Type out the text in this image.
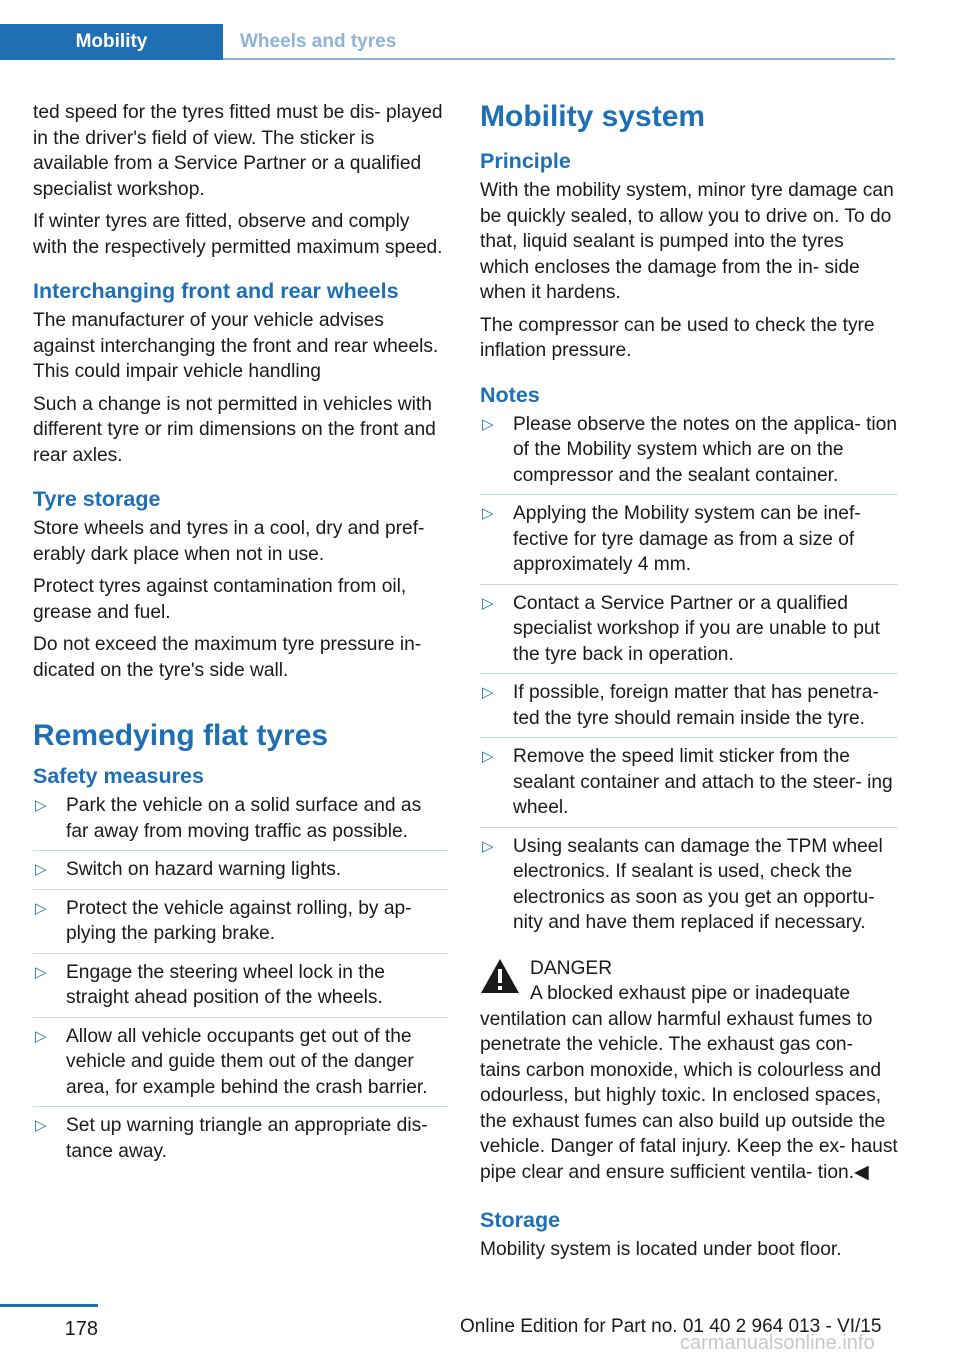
Mobility	Wheels and tyres

ted speed for the tyres fitted must be dis‐ played in the driver's field of view. The sticker is available from a Service Partner or a qualified specialist workshop.

If winter tyres are fitted, observe and comply with the respectively permitted maximum speed.

Interchanging front and rear wheels

The manufacturer of your vehicle advises against interchanging the front and rear wheels. This could impair vehicle handling

Such a change is not permitted in vehicles with different tyre or rim dimensions on the front and rear axles.

Tyre storage

Store wheels and tyres in a cool, dry and pref‐ erably dark place when not in use.

Protect tyres against contamination from oil, grease and fuel.

Do not exceed the maximum tyre pressure in‐ dicated on the tyre's side wall.

Remedying flat tyres
Safety measures
▷ Park the vehicle on a solid surface and as far away from moving traffic as possible.
▷ Switch on hazard warning lights.
▷ Protect the vehicle against rolling, by ap‐ plying the parking brake.
▷ Engage the steering wheel lock in the straight ahead position of the wheels.
▷ Allow all vehicle occupants get out of the vehicle and guide them out of the danger area, for example behind the crash barrier.
▷ Set up warning triangle an appropriate dis‐ tance away.
Mobility system
Principle

With the mobility system, minor tyre damage can be quickly sealed, to allow you to drive on. To do that, liquid sealant is pumped into the tyres which encloses the damage from the in‐ side when it hardens.

The compressor can be used to check the tyre inflation pressure.

Notes
▷ Please observe the notes on the applica‐ tion of the Mobility system which are on the compressor and the sealant container.
▷ Applying the Mobility system can be inef‐ fective for tyre damage as from a size of approximately 4 mm.
▷ Contact a Service Partner or a qualified specialist workshop if you are unable to put the tyre back in operation.
▷ If possible, foreign matter that has penetra‐ ted the tyre should remain inside the tyre.
▷ Remove the speed limit sticker from the sealant container and attach to the steer‐ ing wheel.
▷ Using sealants can damage the TPM wheel electronics. If sealant is used, check the electronics as soon as you get an opportu‐ nity and have them replaced if necessary.
DANGER
A blocked exhaust pipe or inadequate ventilation can allow harmful exhaust fumes to penetrate the vehicle. The exhaust gas con‐ tains carbon monoxide, which is colourless and odourless, but highly toxic. In enclosed spaces, the exhaust fumes can also build up outside the vehicle. Danger of fatal injury. Keep the ex‐ haust pipe clear and ensure sufficient ventila‐ tion.◀
Storage

Mobility system is located under boot floor.

178	Online Edition for Part no. 01 40 2 964 013 - VI/15
carmanualsonline.info
